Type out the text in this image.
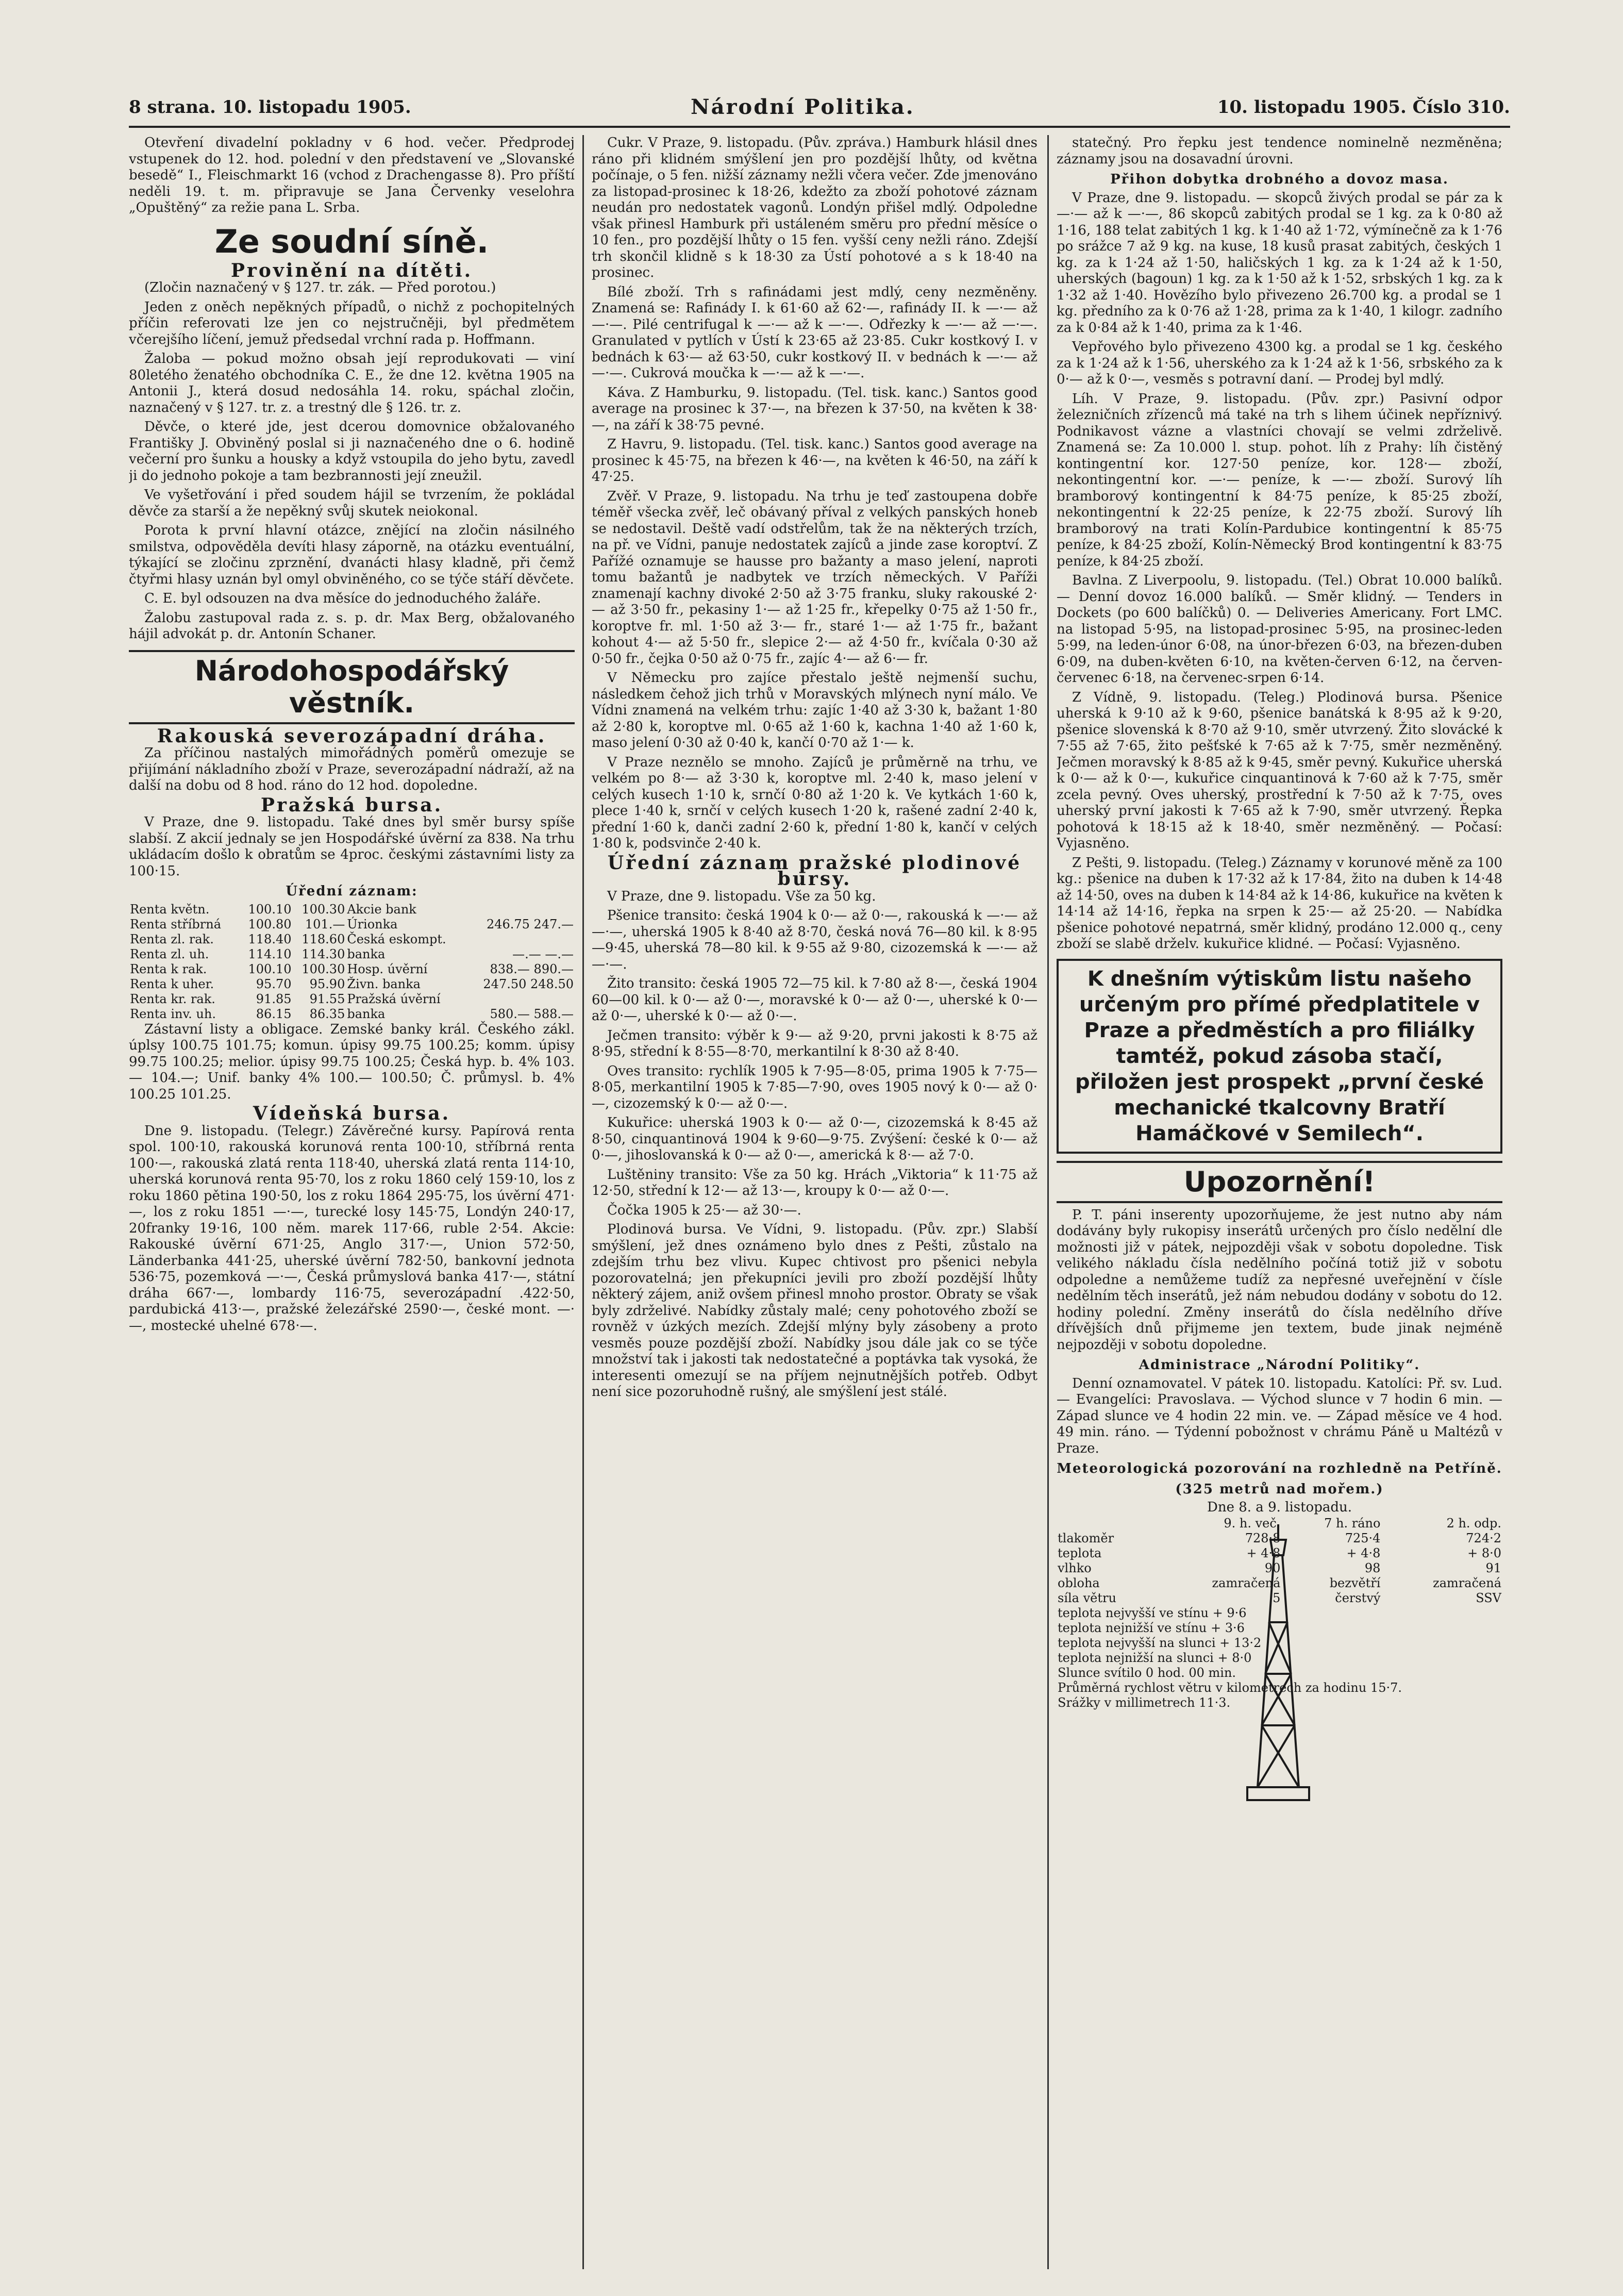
8 strana. 10. listopadu 1905.	Národní Politika.	10. listopadu 1905. Číslo 310.

Otevření divadelní pokladny v 6 hod. večer. Předprodej vstupenek do 12. hod. polední v den představení ve „Slovanské besedě“ I., Fleischmarkt 16 (vchod z Drachengasse 8). Pro příští neděli 19. t. m. připravuje se Jana Červenky veselohra „Opuštěný“ za režie pana L. Srba.

Ze soudní síně.
Provinění na dítěti.

(Zločin naznačený v § 127. tr. zák. — Před porotou.)

Jeden z oněch nepěkných případů, o nichž z pochopitelných příčin referovati lze jen co nejstručněji, byl předmětem včerejšího líčení, jemuž předsedal vrchní rada p. Hoffmann.

Žaloba — pokud možno obsah její reprodukovati — viní 80letého ženatého obchodníka C. E., že dne 12. května 1905 na Antonii J., která dosud nedosáhla 14. roku, spáchal zločin, naznačený v § 127. tr. z. a trestný dle § 126. tr. z.

Děvče, o které jde, jest dcerou domovnice obžalovaného Františky J. Obviněný poslal si ji naznačeného dne o 6. hodině večerní pro šunku a housky a když vstoupila do jeho bytu, zavedl ji do jednoho pokoje a tam bezbrannosti její zneužil.

Ve vyšetřování i před soudem hájil se tvrzením, že pokládal děvče za starší a že nepěkný svůj skutek neiokonal.

Porota k první hlavní otázce, znějící na zločin násilného smilstva, odpověděla devíti hlasy záporně, na otázku eventuální, týkající se zločinu zprznění, dvanácti hlasy kladně, při čemž čtyřmi hlasy uznán byl omyl obviněného, co se týče stáří děvčete.

C. E. byl odsouzen na dva měsíce do jednoduchého žaláře.

Žalobu zastupoval rada z. s. p. dr. Max Berg, obžalovaného hájil advokát p. dr. Antonín Schaner.

Národohospodářský věstník.
Rakouská severozápadní dráha.

Za příčinou nastalých mimořádných poměrů omezuje se přijímání nákladního zboží v Praze, severozápadní nádraží, až na další na dobu od 8 hod. ráno do 12 hod. dopoledne.

Pražská bursa.

V Praze, dne 9. listopadu. Také dnes byl směr bursy spíše slabší. Z akcií jednaly se jen Hospodářské úvěrní za 838. Na trhu ukládacím došlo k obratům se 4proc. českými zástavními listy za 100·15.

Úřední záznam:
Renta květn.	100.10	100.30	Akcie bank	
Renta stříbrná	100.80	101.—	Úrionka	246.75 247.—
Renta zl. rak.	118.40	118.60	Česká eskompt.	
Renta zl. uh.	114.10	114.30	banka	—.— —.—
Renta k rak.	100.10	100.30	Hosp. úvěrní	838.— 890.—
Renta k uher.	95.70	95.90	Živn. banka	247.50 248.50
Renta kr. rak.	91.85	91.55	Pražská úvěrní	
Renta inv. uh.	86.15	86.35	banka	580.— 588.—

Zástavní listy a obligace. Zemské banky král. Českého zákl. úplsy 100.75 101.75; komun. úpisy 99.75 100.25; komm. úpisy 99.75 100.25; melior. úpisy 99.75 100.25; Česká hyp. b. 4% 103.— 104.—; Unif. banky 4% 100.— 100.50; Č. průmysl. b. 4% 100.25 101.25.

Vídeňská bursa.

Dne 9. listopadu. (Telegr.) Závěrečné kursy. Papírová renta spol. 100·10, rakouská korunová renta 100·10, stříbrná renta 100·—, rakouská zlatá renta 118·40, uherská zlatá renta 114·10, uherská korunová renta 95·70, los z roku 1860 celý 159·10, los z roku 1860 pětina 190·50, los z roku 1864 295·75, los úvěrní 471·—, los z roku 1851 —·—, turecké losy 145·75, Londýn 240·17, 20franky 19·16, 100 něm. marek 117·66, ruble 2·54. Akcie: Rakouské úvěrní 671·25, Anglo 317·—, Union 572·50, Länderbanka 441·25, uherské úvěrní 782·50, bankovní jednota 536·75, pozemková —·—, Česká průmyslová banka 417·—, státní dráha 667·—, lombardy 116·75, severozápadní .422·50, pardubická 413·—, pražské železářské 2590·—, české mont. —·—, mostecké uhelné 678·—.

Cukr. V Praze, 9. listopadu. (Pův. zpráva.) Hamburk hlásil dnes ráno při klidném smýšlení jen pro pozdější lhůty, od května počínaje, o 5 fen. nižší záznamy nežli včera večer. Zde jmenováno za listopad-prosinec k 18·26, kdežto za zboží pohotové záznam neudán pro nedostatek vagonů. Londýn přišel mdlý. Odpoledne však přinesl Hamburk při ustáleném směru pro přední měsíce o 10 fen., pro pozdější lhůty o 15 fen. vyšší ceny nežli ráno. Zdejší trh skončil klidně s k 18·30 za Ústí pohotové a s k 18·40 na prosinec.

Bílé zboží. Trh s rafinádami jest mdlý, ceny nezměněny. Znamená se: Rafinády I. k 61·60 až 62·—, rafinády II. k —·— až —·—. Pilé centrifugal k —·— až k —·—. Odřezky k —·— až —·—. Granulated v pytlích v Ústí k 23·65 až 23·85. Cukr kostkový I. v bednách k 63·— až 63·50, cukr kostkový II. v bednách k —·— až —·—. Cukrová moučka k —·— až k —·—.

Káva. Z Hamburku, 9. listopadu. (Tel. tisk. kanc.) Santos good average na prosinec k 37·—, na březen k 37·50, na květen k 38·—, na září k 38·75 pevné.

Z Havru, 9. listopadu. (Tel. tisk. kanc.) Santos good average na prosinec k 45·75, na březen k 46·—, na květen k 46·50, na září k 47·25.

Zvěř. V Praze, 9. listopadu. Na trhu je teď zastoupena dobře téměř všecka zvěř, leč obávaný příval z velkých panských honeb se nedostavil. Deště vadí odstřelům, tak že na některých trzích, na př. ve Vídni, panuje nedostatek zajíců a jinde zase koroptví. Z Pařížé oznamuje se hausse pro bažanty a maso jelení, naproti tomu bažantů je nadbytek ve trzích německých. V Paříži znamenají kachny divoké 2·50 až 3·75 franku, sluky rakouské 2·— až 3·50 fr., pekasiny 1·— až 1·25 fr., křepelky 0·75 až 1·50 fr., koroptve fr. ml. 1·50 až 3·— fr., staré 1·— až 1·75 fr., bažant kohout 4·— až 5·50 fr., slepice 2·— až 4·50 fr., kvíčala 0·30 až 0·50 fr., čejka 0·50 až 0·75 fr., zajíc 4·— až 6·— fr.

V Německu pro zajíce přestalo ještě nejmenší suchu, následkem čehož jich trhů v Moravských mlýnech nyní málo. Ve Vídni znamená na velkém trhu: zajíc 1·40 až 3·30 k, bažant 1·80 až 2·80 k, koroptve ml. 0·65 až 1·60 k, kachna 1·40 až 1·60 k, maso jelení 0·30 až 0·40 k, kančí 0·70 až 1·— k.

V Praze neznělo se mnoho. Zajíců je průměrně na trhu, ve velkém po 8·— až 3·30 k, koroptve ml. 2·40 k, maso jelení v celých kusech 1·10 k, srnčí 0·80 až 1·20 k. Ve kytkách 1·60 k, plece 1·40 k, srnčí v celých kusech 1·20 k, rašené zadní 2·40 k, přední 1·60 k, danči zadní 2·60 k, přední 1·80 k, kančí v celých 1·80 k, podsvinče 2·40 k.

Úřední záznam pražské plodinové bursy.

V Praze, dne 9. listopadu. Vše za 50 kg.

Pšenice transito: česká 1904 k 0·— až 0·—, rakouská k —·— až —·—, uherská 1905 k 8·40 až 8·70, česká nová 76—80 kil. k 8·95—9·45, uherská 78—80 kil. k 9·55 až 9·80, cizozemská k —·— až —·—.

Žito transito: česká 1905 72—75 kil. k 7·80 až 8·—, česká 1904 60—00 kil. k 0·— až 0·—, moravské k 0·— až 0·—, uherské k 0·— až 0·—, uherské k 0·— až 0·—.

Ječmen transito: výběr k 9·— až 9·20, prvni jakosti k 8·75 až 8·95, střední k 8·55—8·70, merkantilní k 8·30 až 8·40.

Oves transito: rychlík 1905 k 7·95—8·05, prima 1905 k 7·75—8·05, merkantilní 1905 k 7·85—7·90, oves 1905 nový k 0·— až 0·—, cizozemský k 0·— až 0·—.

Kukuřice: uherská 1903 k 0·— až 0·—, cizozemská k 8·45 až 8·50, cinquantinová 1904 k 9·60—9·75. Zvýšení: české k 0·— až 0·—, jihoslovanská k 0·— až 0·—, americká k 8·— až 7·0.

Luštěniny transito: Vše za 50 kg. Hrách „Viktoria“ k 11·75 až 12·50, střední k 12·— až 13·—, kroupy k 0·— až 0·—.

Čočka 1905 k 25·— až 30·—.

Plodinová bursa. Ve Vídni, 9. listopadu. (Pův. zpr.) Slabší smýšlení, jež dnes oznámeno bylo dnes z Pešti, zůstalo na zdejším trhu bez vlivu. Kupec chtivost pro pšenici nebyla pozorovatelná; jen překupníci jevili pro zboží pozdější lhůty některý zájem, aniž ovšem přinesl mnoho prostor. Obraty se však byly zdrželivé. Nabídky zůstaly malé; ceny pohotového zboží se rovněž v úzkých mezích. Zdejší mlýny byly zásobeny a proto vesměs pouze pozdější zboží. Nabídky jsou dále jak co se týče množství tak i jakosti tak nedostatečné a poptávka tak vysoká, že interesenti omezují se na příjem nejnutnějších potřeb. Odbyt není sice pozoruhodně rušný, ale smýšlení jest stálé.

statečný. Pro řepku jest tendence nominelně nezměněna; záznamy jsou na dosavadní úrovni.

Přihon dobytka drobného a dovoz masa.

V Praze, dne 9. listopadu. — skopců živých prodal se pár za k —·— až k —·—, 86 skopců zabitých prodal se 1 kg. za k 0·80 až 1·16, 188 telat zabitých 1 kg. k 1·40 až 1·72, výmínečně za k 1·76 po srážce 7 až 9 kg. na kuse, 18 kusů prasat zabitých, českých 1 kg. za k 1·24 až 1·50, haličských 1 kg. za k 1·24 až k 1·50, uherských (bagoun) 1 kg. za k 1·50 až k 1·52, srbských 1 kg. za k 1·32 až 1·40. Hovězího bylo přivezeno 26.700 kg. a prodal se 1 kg. předního za k 0·76 až 1·28, prima za k 1·40, 1 kilogr. zadního za k 0·84 až k 1·40, prima za k 1·46.

Vepřového bylo přivezeno 4300 kg. a prodal se 1 kg. českého za k 1·24 až k 1·56, uherského za k 1·24 až k 1·56, srbského za k 0·— až k 0·—, vesměs s potravní daní. — Prodej byl mdlý.

Líh. V Praze, 9. listopadu. (Pův. zpr.) Pasivní odpor železničních zřízenců má také na trh s lihem účinek nepříznivý. Podnikavost vázne a vlastníci chovají se velmi zdrželivě. Znamená se: Za 10.000 l. stup. pohot. líh z Prahy: líh čistěný kontingentní kor. 127·50 peníze, kor. 128·— zboží, nekontingentní kor. —·— peníze, k —·— zboží. Surový líh bramborový kontingentní k 84·75 peníze, k 85·25 zboží, nekontingentní k 22·25 peníze, k 22·75 zboží. Surový líh bramborový na trati Kolín-Pardubice kontingentní k 85·75 peníze, k 84·25 zboží, Kolín-Německý Brod kontingentní k 83·75 peníze, k 84·25 zboží.

Bavlna. Z Liverpoolu, 9. listopadu. (Tel.) Obrat 10.000 balíků. — Denní dovoz 16.000 balíků. — Směr klidný. — Tenders in Dockets (po 600 balíčků) 0. — Deliveries Americany. Fort LMC. na listopad 5·95, na listopad-prosinec 5·95, na prosinec-leden 5·99, na leden-únor 6·08, na únor-březen 6·03, na březen-duben 6·09, na duben-květen 6·10, na květen-červen 6·12, na červen-červenec 6·18, na červenec-srpen 6·14.

Z Vídně, 9. listopadu. (Teleg.) Plodinová bursa. Pšenice uherská k 9·10 až k 9·60, pšenice banátská k 8·95 až k 9·20, pšenice slovenská k 8·70 až 9·10, směr utvrzený. Žito slovácké k 7·55 až 7·65, žito pešťské k 7·65 až k 7·75, směr nezměněný. Ječmen moravský k 8·85 až k 9·45, směr pevný. Kukuřice uherská k 0·— až k 0·—, kukuřice cinquantinová k 7·60 až k 7·75, směr zcela pevný. Oves uherský, prostřední k 7·50 až k 7·75, oves uherský první jakosti k 7·65 až k 7·90, směr utvrzený. Řepka pohotová k 18·15 až k 18·40, směr nezměněný. — Počasí: Vyjasněno.

Z Pešti, 9. listopadu. (Teleg.) Záznamy v korunové měně za 100 kg.: pšenice na duben k 17·32 až k 17·84, žito na duben k 14·48 až 14·50, oves na duben k 14·84 až k 14·86, kukuřice na květen k 14·14 až 14·16, řepka na srpen k 25·— až 25·20. — Nabídka pšenice pohotové nepatrná, směr klidný, prodáno 12.000 q., ceny zboží se slabě drželv. kukuřice klidné. — Počasí: Vyjasněno.

K dnešním výtiskům listu našeho určeným pro přímé předplatitele v Praze a předměstích a pro filiálky tamtéž, pokud zásoba stačí, přiložen jest prospekt „první české mechanické tkalcovny Bratří Hamáčkové v Semilech“.
Upozornění!

P. T. páni inserenty upozorňujeme, že jest nutno aby nám dodávány byly rukopisy inserátů určených pro číslo nedělní dle možnosti již v pátek, nejpozději však v sobotu dopoledne. Tisk velikého nákladu čísla nedělního počíná totiž již v sobotu odpoledne a nemůžeme tudíž za nepřesné uveřejnění v čísle nedělním těch inserátů, jež nám nebudou dodány v sobotu do 12. hodiny polední. Změny inserátů do čísla nedělního dříve dřívějších dnů přijmeme jen textem, bude jinak nejméně nejpozději v sobotu dopoledne.

Administrace „Národní Politiky“.

Denní oznamovatel. V pátek 10. listopadu. Katolíci: Př. sv. Lud. — Evangelíci: Pravoslava. — Východ slunce v 7 hodin 6 min. — Západ slunce ve 4 hodin 22 min. ve. — Západ měsíce ve 4 hod. 49 min. ráno. — Týdenní pobožnost v chrámu Páně u Maltézů v Praze.

Meteorologická pozorování na rozhledně na Petříně.
(325 metrů nad mořem.)
Dne 8. a 9. listopadu.
	9. h. več.	7 h. ráno	2 h. odp.
tlakoměr	728·8	725·4	724·2
teplota	+ 4·8	+ 4·8	+ 8·0
vlhko	90	98	91
obloha	zamračená	bezvětří	zamračená
síla větru	5	čerstvý	SSV
teplota nejvyšší ve stínu + 9·6			
teplota nejnižší ve stínu + 3·6			
teplota nejvyšší na slunci + 13·2			
teplota nejnižší na slunci + 8·0			
Slunce svítilo 0 hod. 00 min.			
Průměrná rychlost větru v kilometrech za hodinu 15·7.			
Srážky v millimetrech 11·3.			
